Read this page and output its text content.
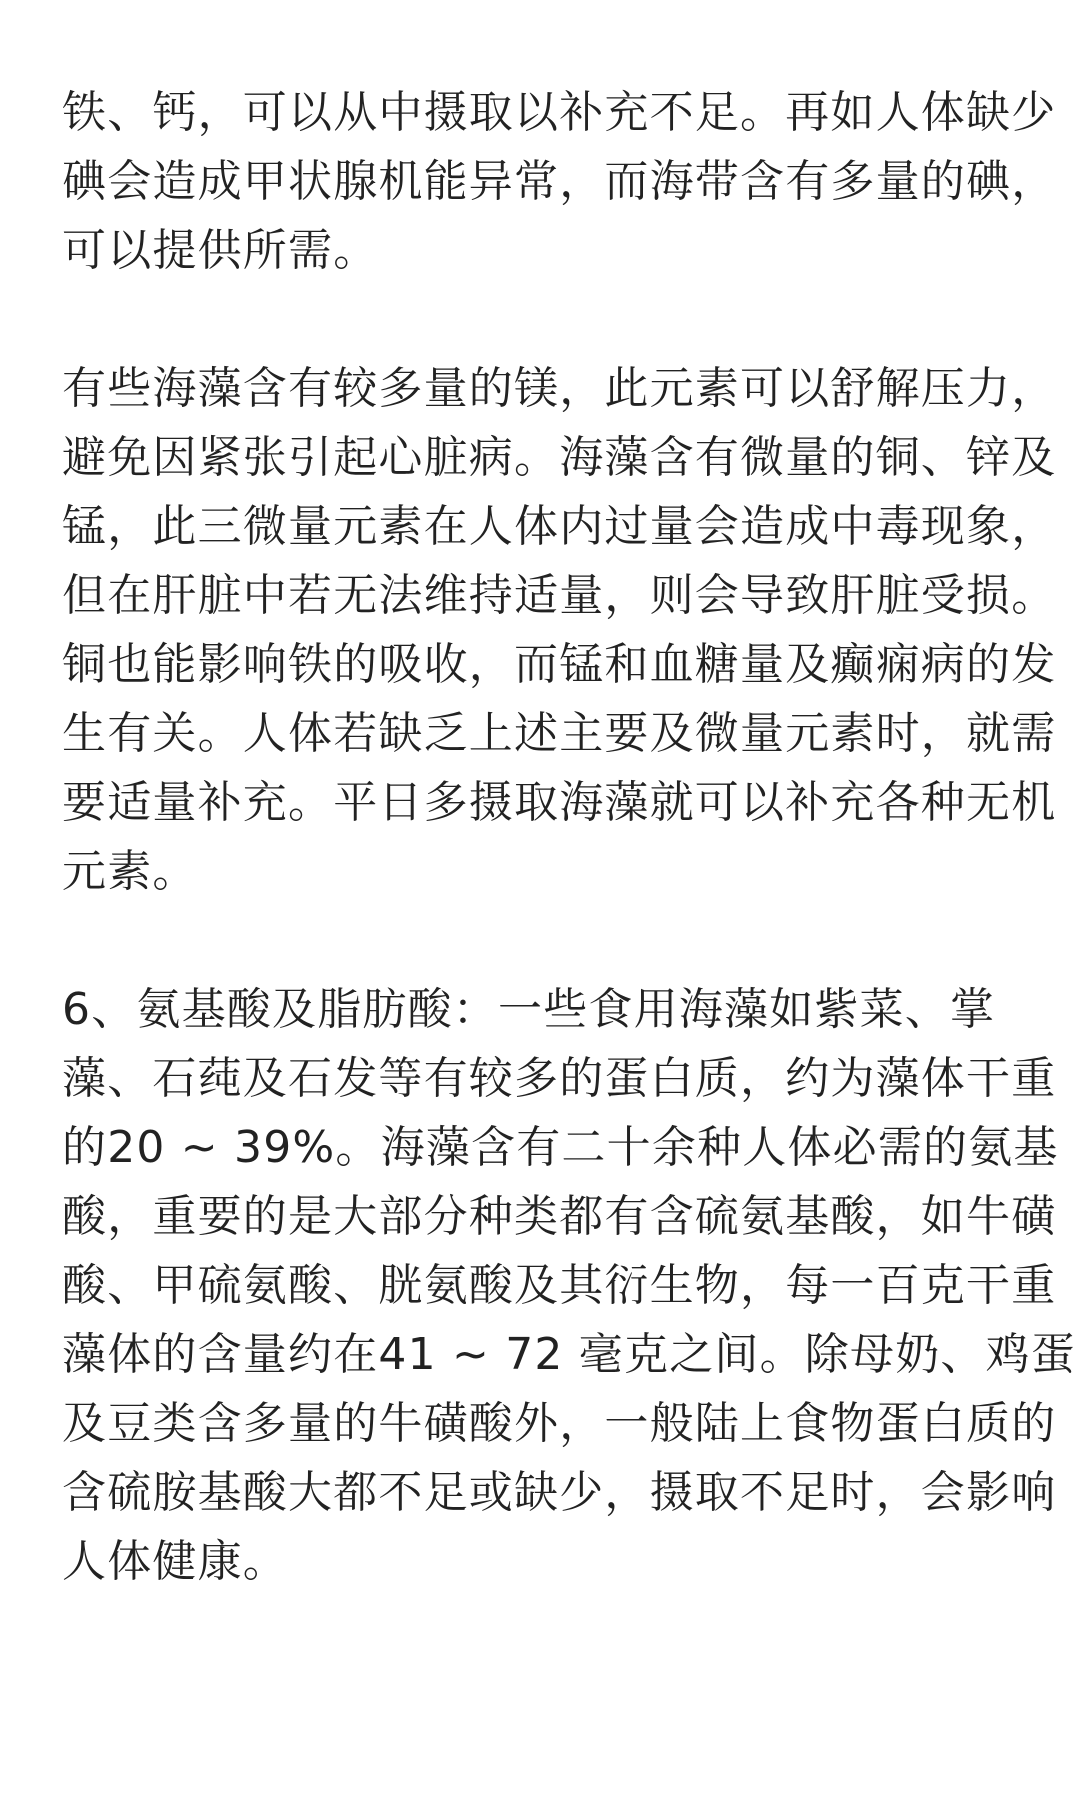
铁、钙，可以从中摄取以补充不足。再如人体缺少
碘会造成甲状腺机能异常，而海带含有多量的碘，
可以提供所需。
有些海藻含有较多量的镁，此元素可以舒解压力，
避免因紧张引起心脏病。海藻含有微量的铜、锌及
锰，此三微量元素在人体内过量会造成中毒现象，
但在肝脏中若无法维持适量，则会导致肝脏受损。
铜也能影响铁的吸收，而锰和血糖量及癫痫病的发
生有关。人体若缺乏上述主要及微量元素时，就需
要适量补充。平日多摄取海藻就可以补充各种无机
元素。
6、氨基酸及脂肪酸：一些食用海藻如紫菜、掌
藻、石莼及石发等有较多的蛋白质，约为藻体干重
的20 ~ 39%。海藻含有二十余种人体必需的氨基
酸，重要的是大部分种类都有含硫氨基酸，如牛磺
酸、甲硫氨酸、胱氨酸及其衍生物，每一百克干重
藻体的含量约在41 ~ 72 毫克之间。除母奶、鸡蛋
及豆类含多量的牛磺酸外，一般陆上食物蛋白质的
含硫胺基酸大都不足或缺少，摄取不足时，会影响
人体健康。
